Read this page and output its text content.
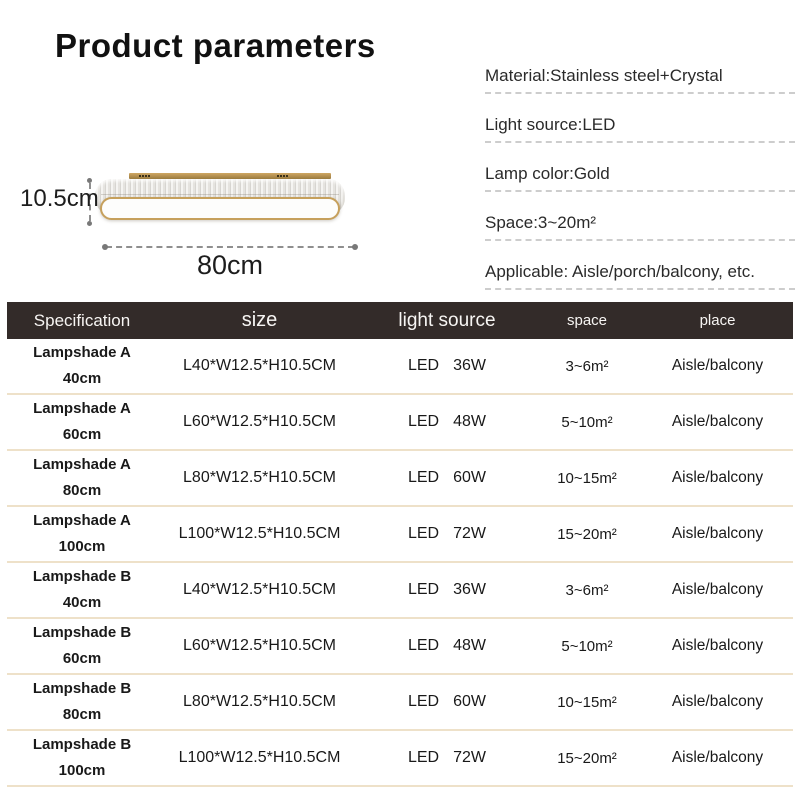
Product parameters
10.5cm
80cm
Material:Stainless steel+Crystal
Light source:LED
Lamp color:Gold
Space:3~20m²
Applicable: Aisle/porch/balcony, etc.
Specification	size	light source	space	place
Lampshade A
40cm
L40*W12.5*H10.5CM	LED 36W	3~6m²	Aisle/balcony
Lampshade A
60cm
L60*W12.5*H10.5CM	LED 48W	5~10m²	Aisle/balcony
Lampshade A
80cm
L80*W12.5*H10.5CM	LED 60W	10~15m²	Aisle/balcony
Lampshade A
100cm
L100*W12.5*H10.5CM	LED 72W	15~20m²	Aisle/balcony
Lampshade B
40cm
L40*W12.5*H10.5CM	LED 36W	3~6m²	Aisle/balcony
Lampshade B
60cm
L60*W12.5*H10.5CM	LED 48W	5~10m²	Aisle/balcony
Lampshade B
80cm
L80*W12.5*H10.5CM	LED 60W	10~15m²	Aisle/balcony
Lampshade B
100cm
L100*W12.5*H10.5CM	LED 72W	15~20m²	Aisle/balcony
